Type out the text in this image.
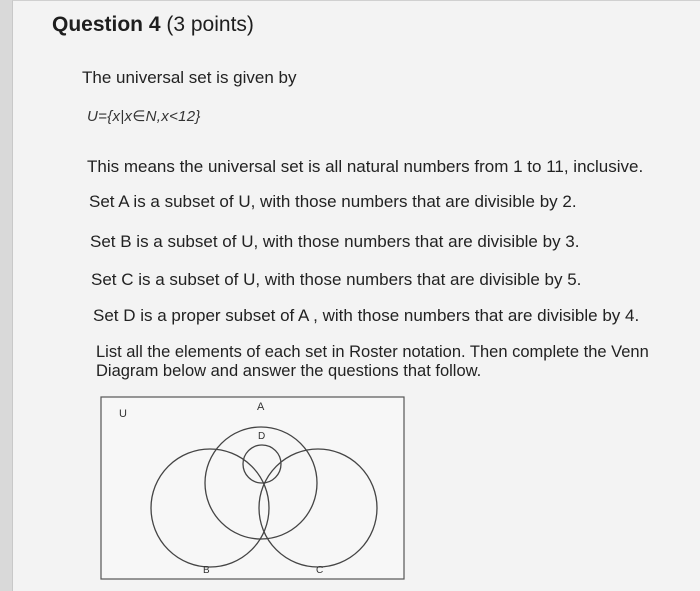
Question 4 (3 points)
The universal set is given by
U={x|x∈N,x<12}
This means the universal set is all natural numbers from 1 to 11, inclusive.
Set A is a subset of U, with those numbers that are divisible by 2.
Set B is a subset of U, with those numbers that are divisible by 3.
Set C is a subset of U, with those numbers that are divisible by 5.
Set D is a proper subset of A , with those numbers that are divisible by 4.
List all the elements of each set in Roster notation. Then complete the Venn Diagram below and answer the questions that follow.
U
A
D
B	C
